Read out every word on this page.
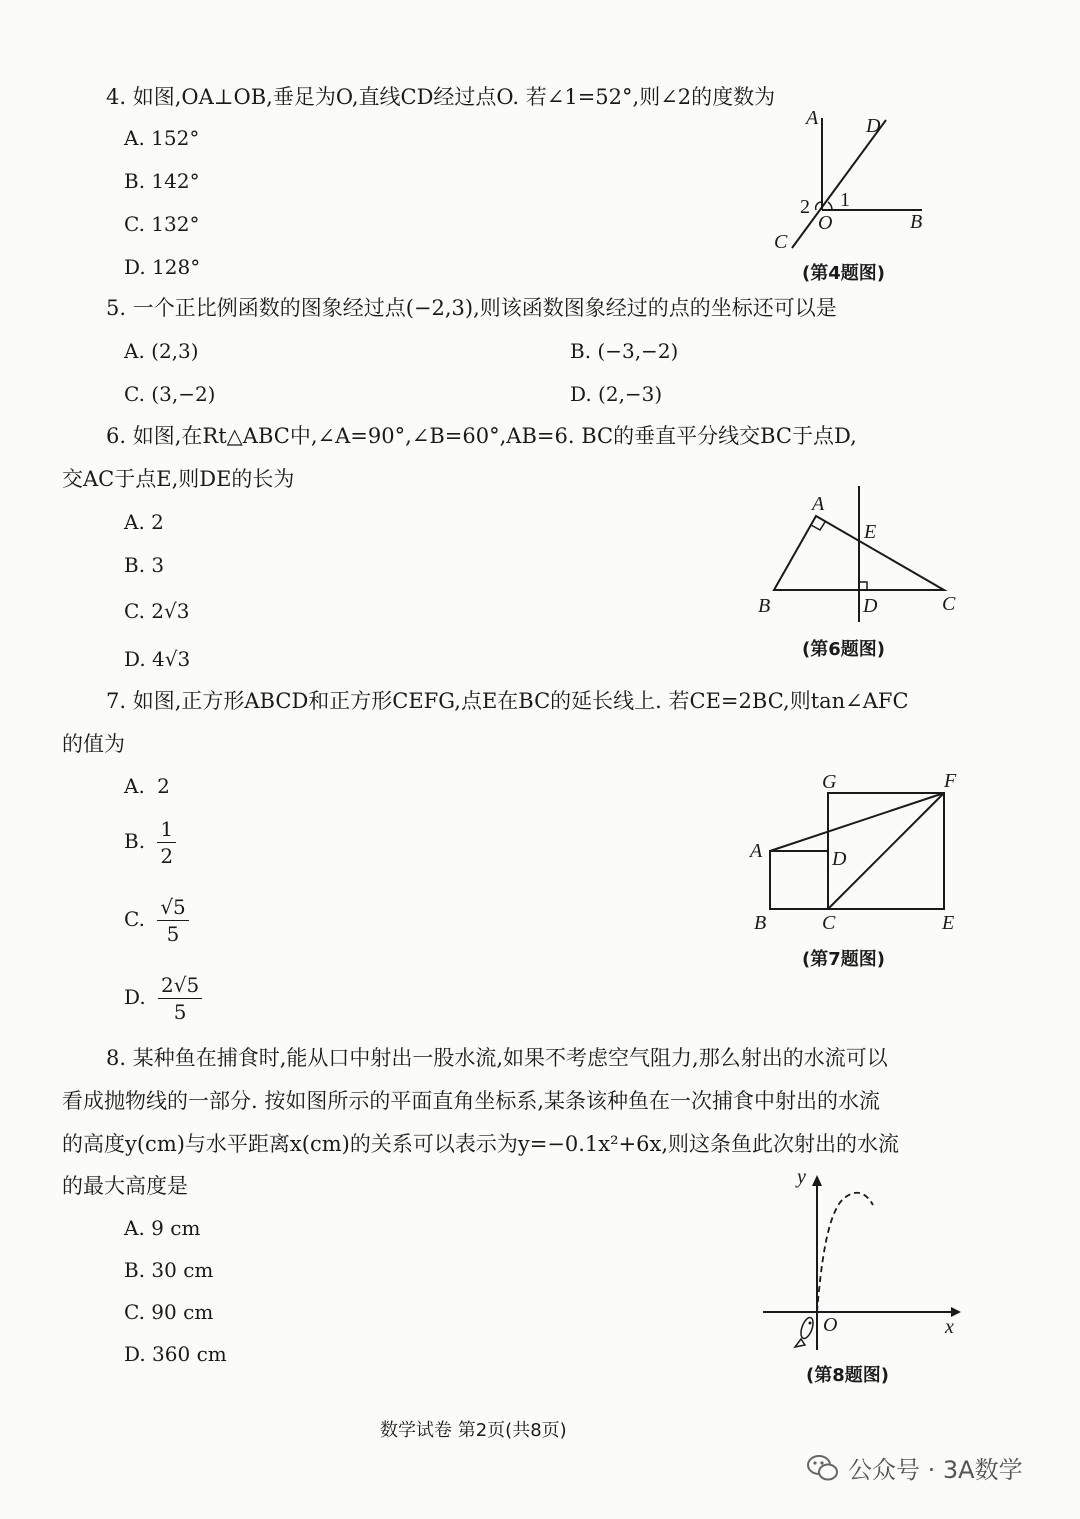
4. 如图,OA⊥OB,垂足为O,直线CD经过点O. 若∠1=52°,则∠2的度数为
A. 152°
B. 142°
C. 132°
D. 128°
A D
2 1
O	B
C
(第4题图)
5. 一个正比例函数的图象经过点(−2,3),则该函数图象经过的点的坐标还可以是
A. (2,3)	B. (−3,−2)
C. (3,−2)	D. (2,−3)
6. 如图,在Rt△ABC中,∠A=90°,∠B=60°,AB=6. BC的垂直平分线交BC于点D,
交AC于点E,则DE的长为
A. 2
B. 3
C. 2√3
D. 4√3
A
E
B	D	C
(第6题图)
7. 如图,正方形ABCD和正方形CEFG,点E在BC的延长线上. 若CE=2BC,则tan∠AFC
的值为
A. 2
B. $\frac{1}{2}$
C. $\frac{√5}{5}$
D. $\frac{2√5}{5}$
G	F
A	D
B	C	E
(第7题图)
8. 某种鱼在捕食时,能从口中射出一股水流,如果不考虑空气阻力,那么射出的水流可以
看成抛物线的一部分. 按如图所示的平面直角坐标系,某条该种鱼在一次捕食中射出的水流
的高度y(cm)与水平距离x(cm)的关系可以表示为y=−0.1x²+6x,则这条鱼此次射出的水流
的最大高度是
A. 9 cm
B. 30 cm
C. 90 cm
D. 360 cm
y
O	x
(第8题图)
数学试卷 第2页(共8页)
公众号 · 3A数学
